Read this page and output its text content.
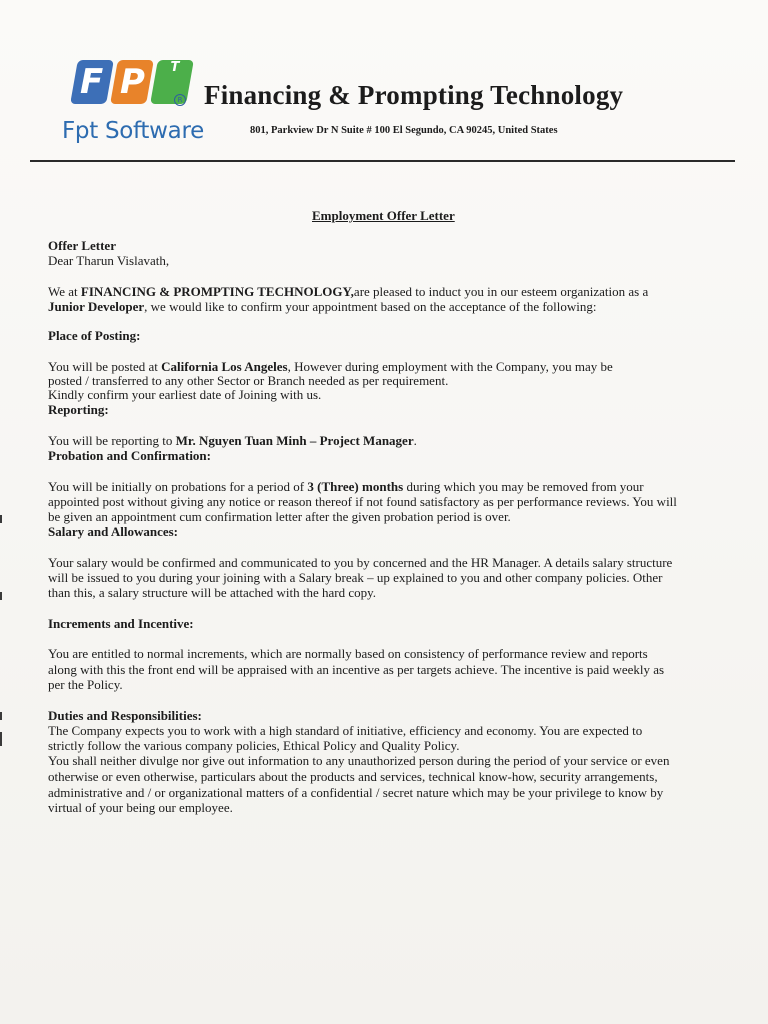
F P	T
R
Fpt Software
Financing & Prompting Technology
801, Parkview Dr N Suite # 100 El Segundo, CA 90245, United States
Employment Offer Letter
Offer Letter
Dear Tharun Vislavath,
We at FINANCING & PROMPTING TECHNOLOGY,are pleased to induct you in our esteem organization as a
Junior Developer, we would like to confirm your appointment based on the acceptance of the following:
Place of Posting:
You will be posted at California Los Angeles, However during employment with the Company, you may be
posted / transferred to any other Sector or Branch needed as per requirement.
Kindly confirm your earliest date of Joining with us.
Reporting:
You will be reporting to Mr. Nguyen Tuan Minh – Project Manager.
Probation and Confirmation:
You will be initially on probations for a period of 3 (Three) months during which you may be removed from your
appointed post without giving any notice or reason thereof if not found satisfactory as per performance reviews. You will
be given an appointment cum confirmation letter after the given probation period is over.
Salary and Allowances:
Your salary would be confirmed and communicated to you by concerned and the HR Manager. A details salary structure
will be issued to you during your joining with a Salary break – up explained to you and other company policies. Other
than this, a salary structure will be attached with the hard copy.
Increments and Incentive:
You are entitled to normal increments, which are normally based on consistency of performance review and reports
along with this the front end will be appraised with an incentive as per targets achieve. The incentive is paid weekly as
per the Policy.
Duties and Responsibilities:
The Company expects you to work with a high standard of initiative, efficiency and economy. You are expected to
strictly follow the various company policies, Ethical Policy and Quality Policy.
You shall neither divulge nor give out information to any unauthorized person during the period of your service or even
otherwise or even otherwise, particulars about the products and services, technical know-how, security arrangements,
administrative and / or organizational matters of a confidential / secret nature which may be your privilege to know by
virtual of your being our employee.
